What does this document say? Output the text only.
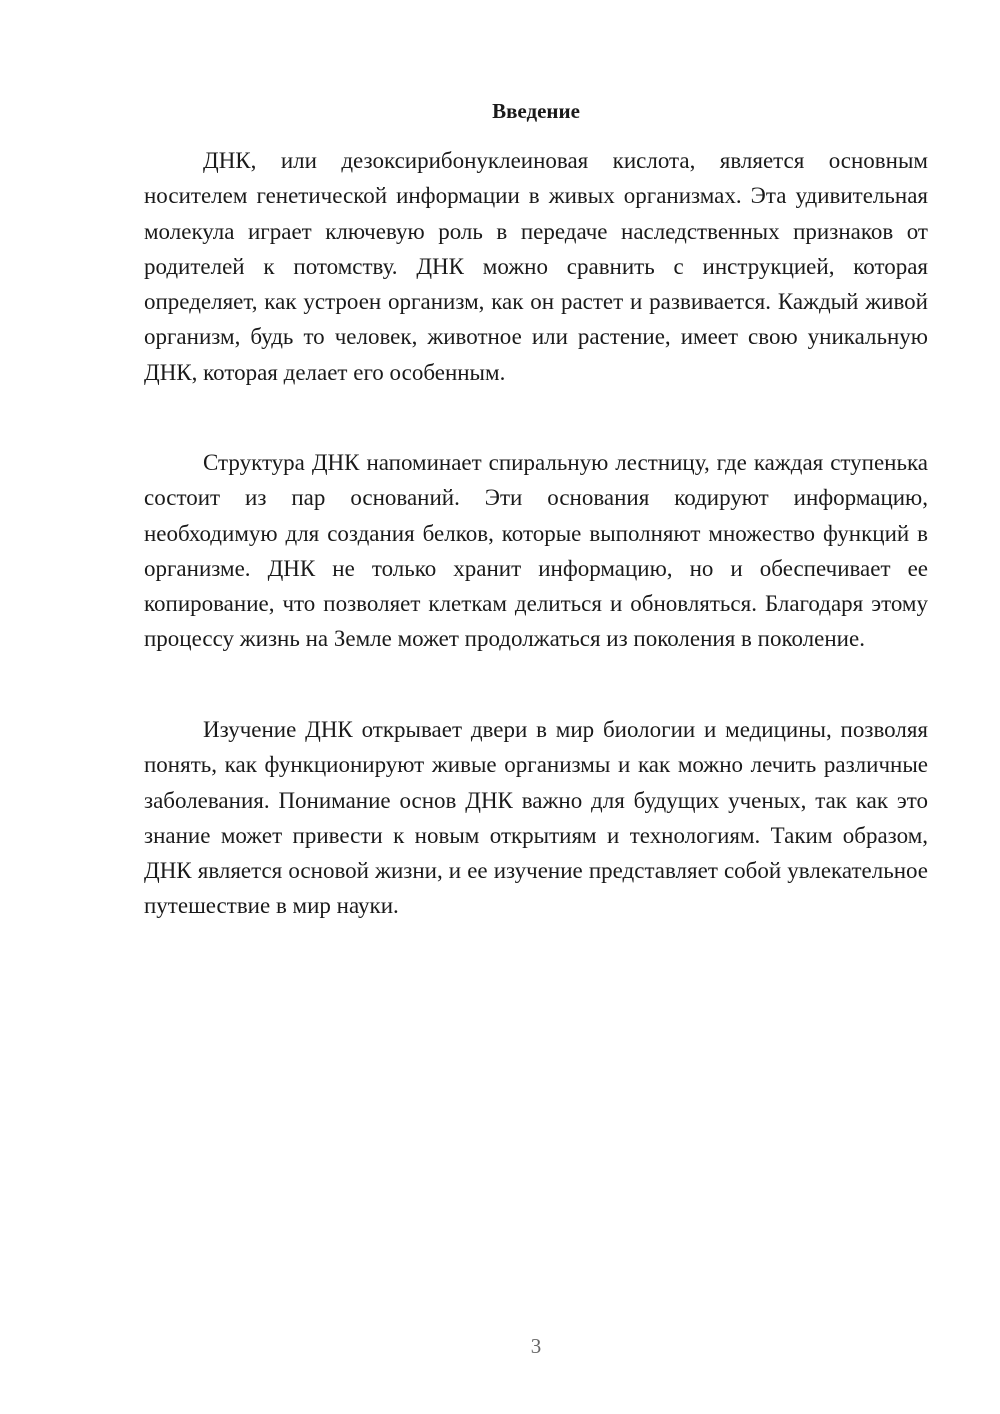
Введение

ДНК, или дезоксирибонуклеиновая кислота, является основным носителем генетической информации в живых организмах. Эта удивительная молекула играет ключевую роль в передаче наследственных признаков от родителей к потомству. ДНК можно сравнить с инструкцией, которая определяет, как устроен организм, как он растет и развивается. Каждый живой организм, будь то человек, животное или растение, имеет свою уникальную ДНК, которая делает его особенным.

Структура ДНК напоминает спиральную лестницу, где каждая ступенька состоит из пар оснований. Эти основания кодируют информацию, необходимую для создания белков, которые выполняют множество функций в организме. ДНК не только хранит информацию, но и обеспечивает ее копирование, что позволяет клеткам делиться и обновляться. Благодаря этому процессу жизнь на Земле может продолжаться из поколения в поколение.

Изучение ДНК открывает двери в мир биологии и медицины, позволяя понять, как функционируют живые организмы и как можно лечить различные заболевания. Понимание основ ДНК важно для будущих ученых, так как это знание может привести к новым открытиям и технологиям. Таким образом, ДНК является основой жизни, и ее изучение представляет собой увлекательное путешествие в мир науки.

3
